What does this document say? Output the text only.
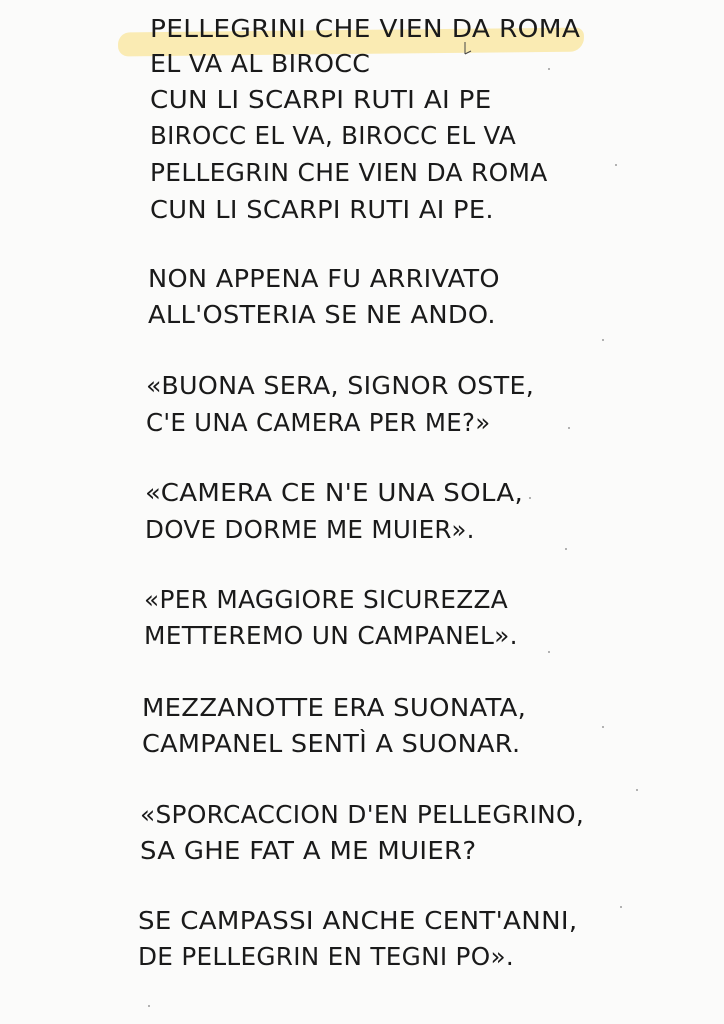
PELLEGRINI CHE VIEN DA ROMA
EL VA AL BIROCC
CUN LI SCARPI RUTI AI PE
BIROCC EL VA, BIROCC EL VA
PELLEGRIN CHE VIEN DA ROMA
CUN LI SCARPI RUTI AI PE.
NON APPENA FU ARRIVATO
ALL'OSTERIA SE NE ANDO.
«BUONA SERA, SIGNOR OSTE,
C'E UNA CAMERA PER ME?»
«CAMERA CE N'E UNA SOLA,
DOVE DORME ME MUIER».
«PER MAGGIORE SICUREZZA
METTEREMO UN CAMPANEL».
MEZZANOTTE ERA SUONATA,
CAMPANEL SENTÌ A SUONAR.
«SPORCACCION D'EN PELLEGRINO,
SA GHE FAT A ME MUIER?
SE CAMPASSI ANCHE CENT'ANNI,
DE PELLEGRIN EN TEGNI PO».
